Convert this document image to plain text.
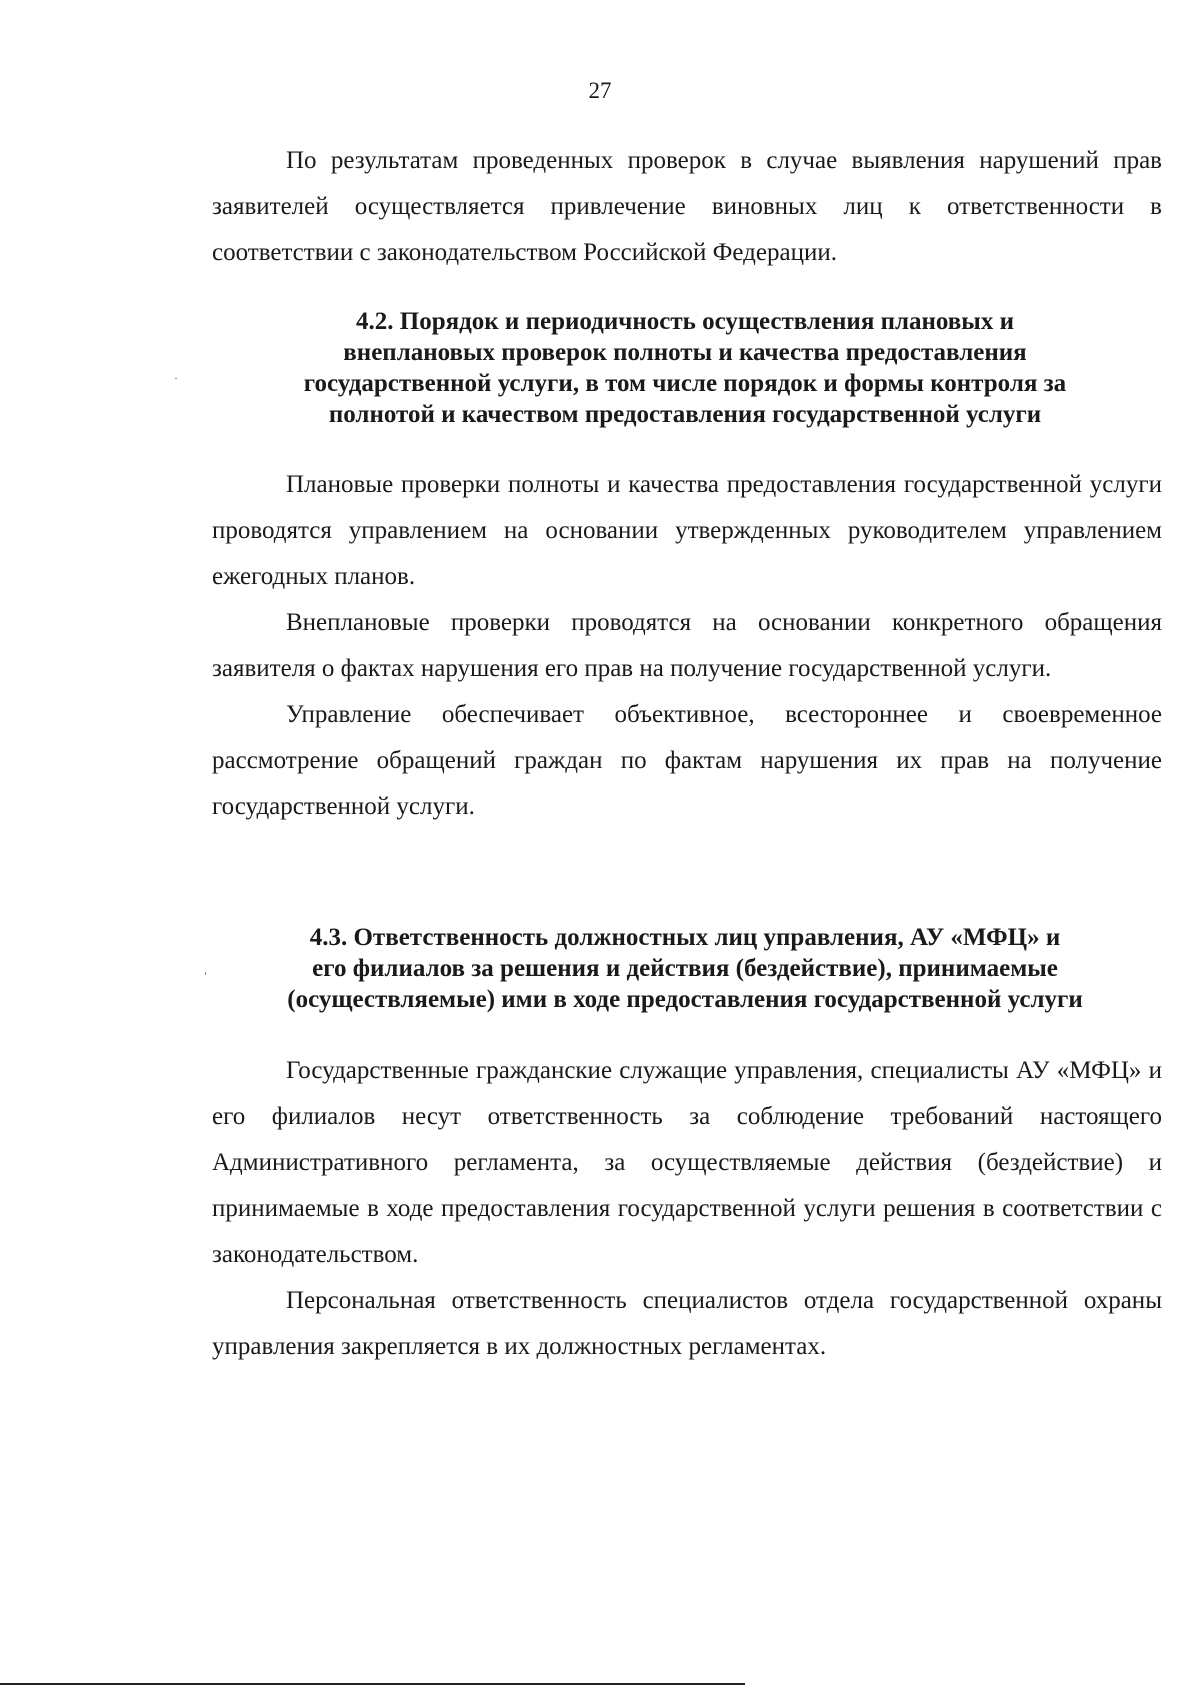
27

По результатам проведенных проверок в случае выявления нарушений прав заявителей осуществляется привлечение виновных лиц к ответственности в соответствии с законодательством Российской Федерации.

4.2. Порядок и периодичность осуществления плановых и
внеплановых проверок полноты и качества предоставления
государственной услуги, в том числе порядок и формы контроля за
полнотой и качеством предоставления государственной услуги

Плановые проверки полноты и качества предоставления государственной услуги проводятся управлением на основании утвержденных руководителем управлением ежегодных планов.

Внеплановые проверки проводятся на основании конкретного обращения заявителя о фактах нарушения его прав на получение государственной услуги.

Управление обеспечивает объективное, всестороннее и своевременное рассмотрение обращений граждан по фактам нарушения их прав на получение государственной услуги.

4.3. Ответственность должностных лиц управления, АУ «МФЦ» и
его филиалов за решения и действия (бездействие), принимаемые
(осуществляемые) ими в ходе предоставления государственной услуги

Государственные гражданские служащие управления, специалисты АУ «МФЦ» и его филиалов несут ответственность за соблюдение требований настоящего Административного регламента, за осуществляемые действия (бездействие) и принимаемые в ходе предоставления государственной услуги решения в соответствии с законодательством.

Персональная ответственность специалистов отдела государственной охраны управления закрепляется в их должностных регламентах.
